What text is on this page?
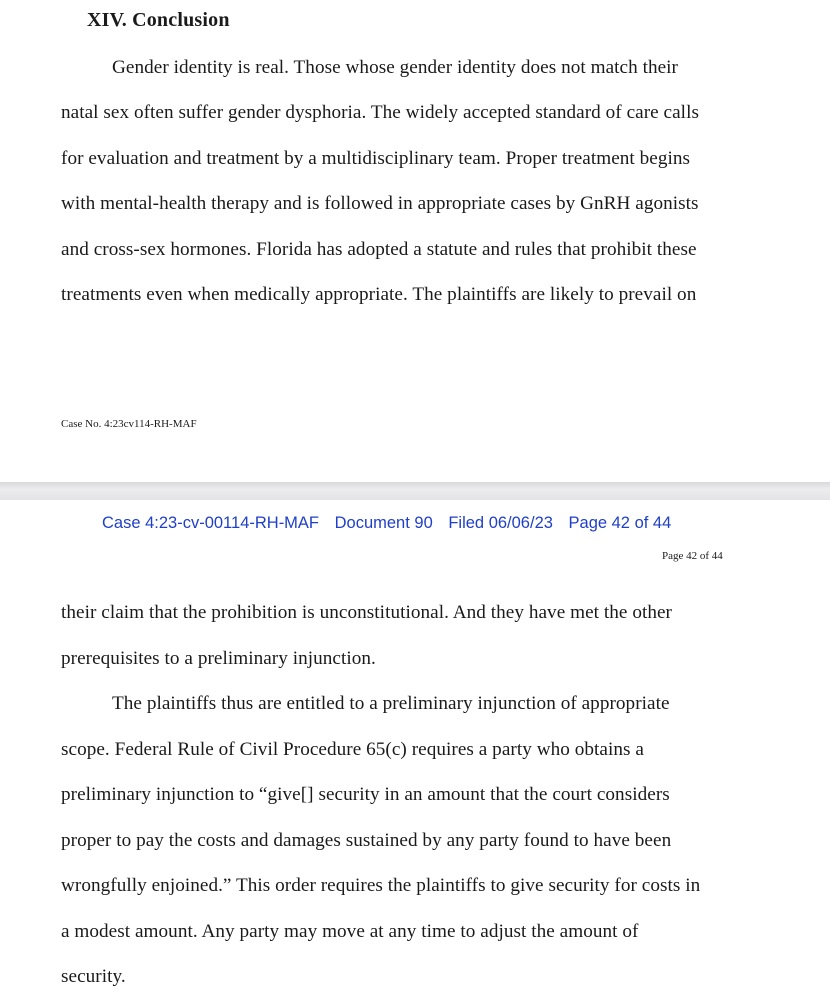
XIV. Conclusion
Gender identity is real. Those whose gender identity does not match their
natal sex often suffer gender dysphoria. The widely accepted standard of care calls
for evaluation and treatment by a multidisciplinary team. Proper treatment begins
with mental-health therapy and is followed in appropriate cases by GnRH agonists
and cross-sex hormones. Florida has adopted a statute and rules that prohibit these
treatments even when medically appropriate. The plaintiffs are likely to prevail on
Case No. 4:23cv114-RH-MAF
Case 4:23-cv-00114-RH-MAF Document 90 Filed 06/06/23 Page 42 of 44
Page 42 of 44
their claim that the prohibition is unconstitutional. And they have met the other
prerequisites to a preliminary injunction.
The plaintiffs thus are entitled to a preliminary injunction of appropriate
scope. Federal Rule of Civil Procedure 65(c) requires a party who obtains a
preliminary injunction to “give[] security in an amount that the court considers
proper to pay the costs and damages sustained by any party found to have been
wrongfully enjoined.” This order requires the plaintiffs to give security for costs in
a modest amount. Any party may move at any time to adjust the amount of
security.
